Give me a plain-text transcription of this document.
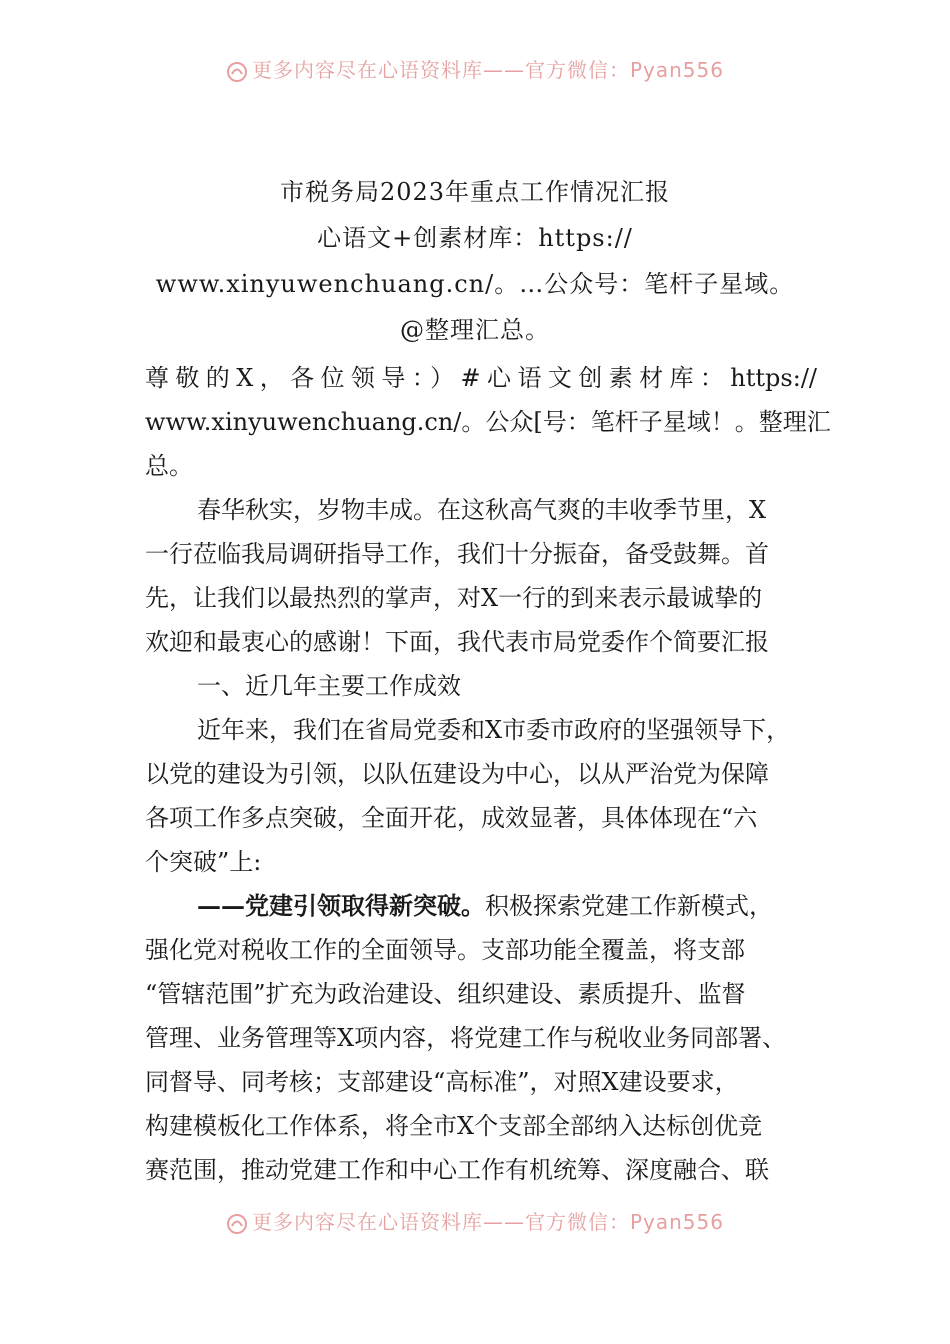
更多内容尽在心语资料库——官方微信：Pyan556
市税务局2023年重点工作情况汇报
心语文+创素材库：https://
www.xinyuwenchuang.cn/。…公众号：笔杆子星域。
@整理汇总。
尊敬的X，各位领导：）#心语文创素材库：https://
www.xinyuwenchuang.cn/。公众[号：笔杆子星域！。整理汇
总。
春华秋实，岁物丰成。在这秋高气爽的丰收季节里，X
一行莅临我局调研指导工作，我们十分振奋，备受鼓舞。首
先，让我们以最热烈的掌声，对X一行的到来表示最诚挚的
欢迎和最衷心的感谢！下面，我代表市局党委作个简要汇报
一、近几年主要工作成效
近年来，我们在省局党委和X市委市政府的坚强领导下，
以党的建设为引领，以队伍建设为中心，以从严治党为保障
各项工作多点突破，全面开花，成效显著，具体体现在“六
个突破”上:
——党建引领取得新突破。积极探索党建工作新模式，
强化党对税收工作的全面领导。支部功能全覆盖，将支部
“管辖范围”扩充为政治建设、组织建设、素质提升、监督
管理、业务管理等X项内容，将党建工作与税收业务同部署、
同督导、同考核；支部建设“高标准”，对照X建设要求，
构建模板化工作体系，将全市X个支部全部纳入达标创优竞
赛范围，推动党建工作和中心工作有机统筹、深度融合、联
更多内容尽在心语资料库——官方微信：Pyan556
